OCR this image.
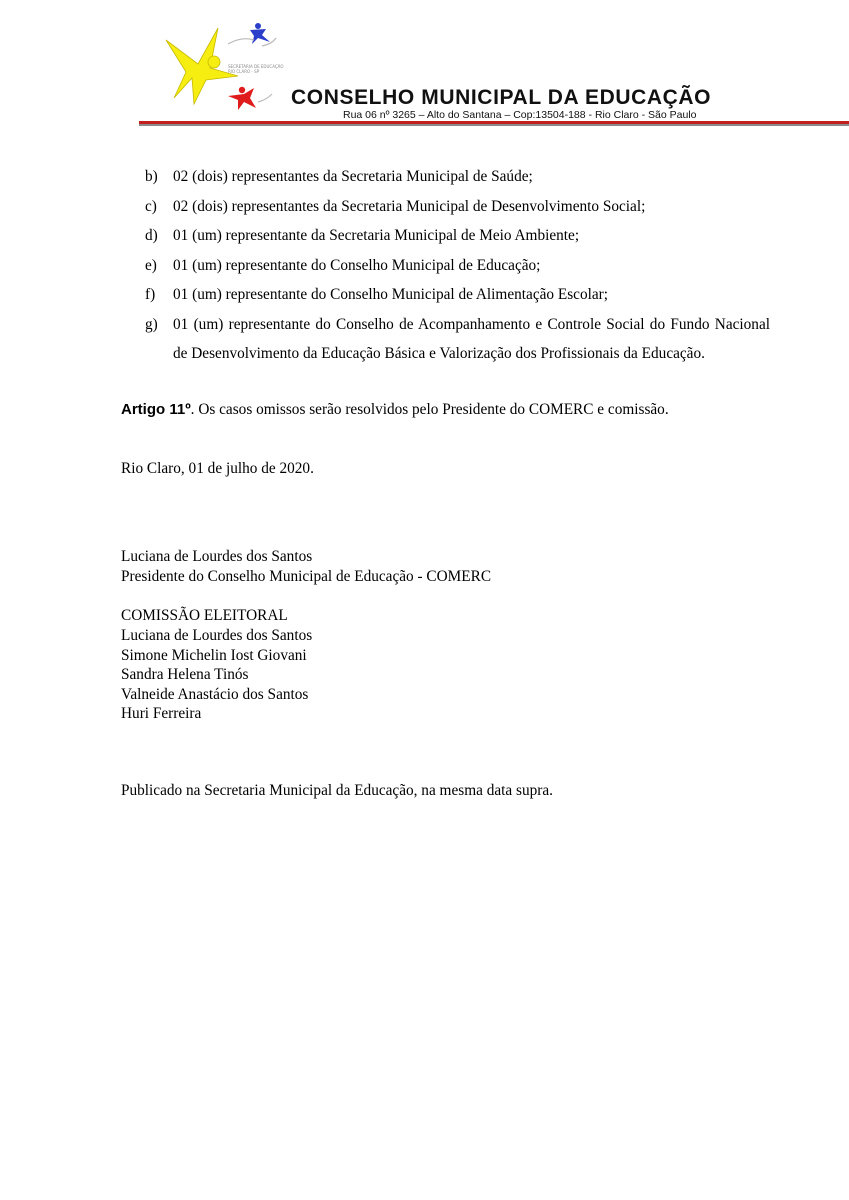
SECRETARIA DE EDUCAÇÃO
RIO CLARO - SP
CONSELHO MUNICIPAL DA EDUCAÇÃO
Rua 06 nº 3265 – Alto do Santana – Cop:13504-188 - Rio Claro - São Paulo
b) 02 (dois) representantes da Secretaria Municipal de Saúde;
c)	02 (dois) representantes da Secretaria Municipal de Desenvolvimento Social;
d) 01 (um) representante da Secretaria Municipal de Meio Ambiente;
e)	01 (um) representante do Conselho Municipal de Educação;
f)	01 (um) representante do Conselho Municipal de Alimentação Escolar;
g) 01 (um) representante do Conselho de Acompanhamento e Controle Social do Fundo Nacional de Desenvolvimento da Educação Básica e Valorização dos Profissionais da Educação.
Artigo 11º. Os casos omissos serão resolvidos pelo Presidente do COMERC e comissão.
Rio Claro, 01 de julho de 2020.
Luciana de Lourdes dos Santos
Presidente do Conselho Municipal de Educação - COMERC
COMISSÃO ELEITORAL
Luciana de Lourdes dos Santos
Simone Michelin Iost Giovani
Sandra Helena Tinós
Valneide Anastácio dos Santos
Huri Ferreira
Publicado na Secretaria Municipal da Educação, na mesma data supra.
